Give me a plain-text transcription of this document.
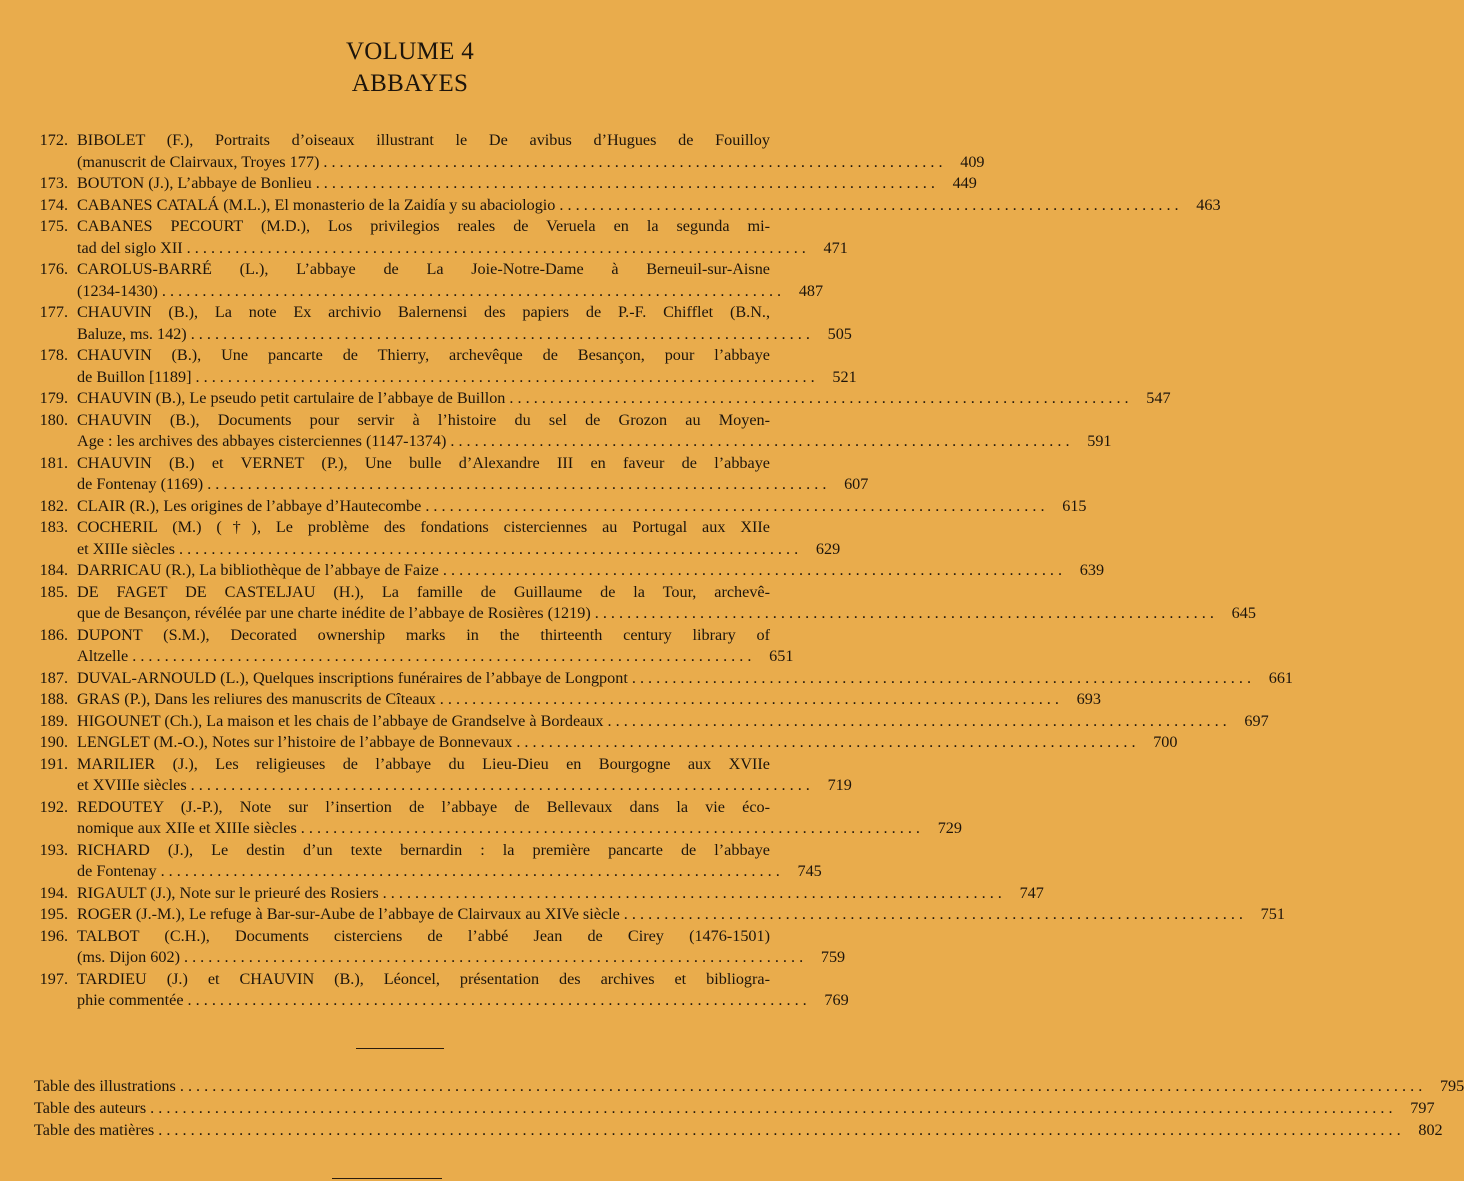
VOLUME 4
ABBAYES
172. BIBOLET (F.), Portraits d’oiseaux illustrant le De avibus d’Hugues de Fouilloy
(manuscrit de Clairvaux, Troyes 177) . . . . . . . . . . . . . . . . . . . . . . . . . . . . . . . . . . . . . . . . . . . . . . . . . . . . . . . . . . . . . . . . . . . . . . . . . . . . .	409
173. BOUTON (J.), L’abbaye de Bonlieu . . . . . . . . . . . . . . . . . . . . . . . . . . . . . . . . . . . . . . . . . . . . . . . . . . . . . . . . . . . . . . . . . . . . . . . . . . . . .	449
174. CABANES CATALÁ (M.L.), El monasterio de la Zaidía y su abaciologio . . . . . . . . . . . . . . . . . . . . . . . . . . . . . . . . . . . . . . . . . . . . . . . . . . . . . . . . . . . . . . . . . . . . . . . . . . . . .	463
175. CABANES PECOURT (M.D.), Los privilegios reales de Veruela en la segunda mi-
tad del siglo XII . . . . . . . . . . . . . . . . . . . . . . . . . . . . . . . . . . . . . . . . . . . . . . . . . . . . . . . . . . . . . . . . . . . . . . . . . . . . .	471
176. CAROLUS-BARRÉ (L.), L’abbaye de La Joie-Notre-Dame à Berneuil-sur-Aisne
(1234-1430) . . . . . . . . . . . . . . . . . . . . . . . . . . . . . . . . . . . . . . . . . . . . . . . . . . . . . . . . . . . . . . . . . . . . . . . . . . . . .	487
177. CHAUVIN (B.), La note Ex archivio Balernensi des papiers de P.-F. Chifflet (B.N.,
Baluze, ms. 142) . . . . . . . . . . . . . . . . . . . . . . . . . . . . . . . . . . . . . . . . . . . . . . . . . . . . . . . . . . . . . . . . . . . . . . . . . . . . .	505
178. CHAUVIN (B.), Une pancarte de Thierry, archevêque de Besançon, pour l’abbaye
de Buillon [1189] . . . . . . . . . . . . . . . . . . . . . . . . . . . . . . . . . . . . . . . . . . . . . . . . . . . . . . . . . . . . . . . . . . . . . . . . . . . . .	521
179. CHAUVIN (B.), Le pseudo petit cartulaire de l’abbaye de Buillon . . . . . . . . . . . . . . . . . . . . . . . . . . . . . . . . . . . . . . . . . . . . . . . . . . . . . . . . . . . . . . . . . . . . . . . . . . . . .	547
180. CHAUVIN (B.), Documents pour servir à l’histoire du sel de Grozon au Moyen-
Age : les archives des abbayes cisterciennes (1147-1374) . . . . . . . . . . . . . . . . . . . . . . . . . . . . . . . . . . . . . . . . . . . . . . . . . . . . . . . . . . . . . . . . . . . . . . . . . . . . .	591
181. CHAUVIN (B.) et VERNET (P.), Une bulle d’Alexandre III en faveur de l’abbaye
de Fontenay (1169) . . . . . . . . . . . . . . . . . . . . . . . . . . . . . . . . . . . . . . . . . . . . . . . . . . . . . . . . . . . . . . . . . . . . . . . . . . . . .	607
182. CLAIR (R.), Les origines de l’abbaye d’Hautecombe . . . . . . . . . . . . . . . . . . . . . . . . . . . . . . . . . . . . . . . . . . . . . . . . . . . . . . . . . . . . . . . . . . . . . . . . . . . . .	615
183. COCHERIL (M.) (†), Le problème des fondations cisterciennes au Portugal aux XIIe
et XIIIe siècles . . . . . . . . . . . . . . . . . . . . . . . . . . . . . . . . . . . . . . . . . . . . . . . . . . . . . . . . . . . . . . . . . . . . . . . . . . . . .	629
184. DARRICAU (R.), La bibliothèque de l’abbaye de Faize . . . . . . . . . . . . . . . . . . . . . . . . . . . . . . . . . . . . . . . . . . . . . . . . . . . . . . . . . . . . . . . . . . . . . . . . . . . . .	639
185. DE FAGET DE CASTELJAU (H.), La famille de Guillaume de la Tour, archevê-
que de Besançon, révélée par une charte inédite de l’abbaye de Rosières (1219) . . . . . . . . . . . . . . . . . . . . . . . . . . . . . . . . . . . . . . . . . . . . . . . . . . . . . . . . . . . . . . . . . . . . . . . . . . . . .	645
186. DUPONT (S.M.), Decorated ownership marks in the thirteenth century library of
Altzelle . . . . . . . . . . . . . . . . . . . . . . . . . . . . . . . . . . . . . . . . . . . . . . . . . . . . . . . . . . . . . . . . . . . . . . . . . . . . .	651
187. DUVAL-ARNOULD (L.), Quelques inscriptions funéraires de l’abbaye de Longpont . . . . . . . . . . . . . . . . . . . . . . . . . . . . . . . . . . . . . . . . . . . . . . . . . . . . . . . . . . . . . . . . . . . . . . . . . . . . .	661
188. GRAS (P.), Dans les reliures des manuscrits de Cîteaux . . . . . . . . . . . . . . . . . . . . . . . . . . . . . . . . . . . . . . . . . . . . . . . . . . . . . . . . . . . . . . . . . . . . . . . . . . . . .	693
189. HIGOUNET (Ch.), La maison et les chais de l’abbaye de Grandselve à Bordeaux . . . . . . . . . . . . . . . . . . . . . . . . . . . . . . . . . . . . . . . . . . . . . . . . . . . . . . . . . . . . . . . . . . . . . . . . . . . . .	697
190. LENGLET (M.-O.), Notes sur l’histoire de l’abbaye de Bonnevaux . . . . . . . . . . . . . . . . . . . . . . . . . . . . . . . . . . . . . . . . . . . . . . . . . . . . . . . . . . . . . . . . . . . . . . . . . . . . .	700
191. MARILIER (J.), Les religieuses de l’abbaye du Lieu-Dieu en Bourgogne aux XVIIe
et XVIIIe siècles . . . . . . . . . . . . . . . . . . . . . . . . . . . . . . . . . . . . . . . . . . . . . . . . . . . . . . . . . . . . . . . . . . . . . . . . . . . . .	719
192. REDOUTEY (J.-P.), Note sur l’insertion de l’abbaye de Bellevaux dans la vie éco-
nomique aux XIIe et XIIIe siècles . . . . . . . . . . . . . . . . . . . . . . . . . . . . . . . . . . . . . . . . . . . . . . . . . . . . . . . . . . . . . . . . . . . . . . . . . . . . .	729
193. RICHARD (J.), Le destin d’un texte bernardin : la première pancarte de l’abbaye
de Fontenay . . . . . . . . . . . . . . . . . . . . . . . . . . . . . . . . . . . . . . . . . . . . . . . . . . . . . . . . . . . . . . . . . . . . . . . . . . . . .	745
194. RIGAULT (J.), Note sur le prieuré des Rosiers . . . . . . . . . . . . . . . . . . . . . . . . . . . . . . . . . . . . . . . . . . . . . . . . . . . . . . . . . . . . . . . . . . . . . . . . . . . . .	747
195. ROGER (J.-M.), Le refuge à Bar-sur-Aube de l’abbaye de Clairvaux au XIVe siècle . . . . . . . . . . . . . . . . . . . . . . . . . . . . . . . . . . . . . . . . . . . . . . . . . . . . . . . . . . . . . . . . . . . . . . . . . . . . .	751
196. TALBOT (C.H.), Documents cisterciens de l’abbé Jean de Cirey (1476-1501)
(ms. Dijon 602) . . . . . . . . . . . . . . . . . . . . . . . . . . . . . . . . . . . . . . . . . . . . . . . . . . . . . . . . . . . . . . . . . . . . . . . . . . . . .	759
197. TARDIEU (J.) et CHAUVIN (B.), Léoncel, présentation des archives et bibliogra-
phie commentée . . . . . . . . . . . . . . . . . . . . . . . . . . . . . . . . . . . . . . . . . . . . . . . . . . . . . . . . . . . . . . . . . . . . . . . . . . . . .	769
Table des illustrations . . . . . . . . . . . . . . . . . . . . . . . . . . . . . . . . . . . . . . . . . . . . . . . . . . . . . . . . . . . . . . . . . . . . . . . . . . . . . . . . . . . . . . . . . . . . . . . . . . . . . . . . . . . . . . . . . . . . . . . . . . . . . . . . . . . . . . . . . . . . . . . . . . . . . . . . . .	795
Table des auteurs . . . . . . . . . . . . . . . . . . . . . . . . . . . . . . . . . . . . . . . . . . . . . . . . . . . . . . . . . . . . . . . . . . . . . . . . . . . . . . . . . . . . . . . . . . . . . . . . . . . . . . . . . . . . . . . . . . . . . . . . . . . . . . . . . . . . . . . . . . . . . . . . . . . . . . . . . .	797
Table des matières . . . . . . . . . . . . . . . . . . . . . . . . . . . . . . . . . . . . . . . . . . . . . . . . . . . . . . . . . . . . . . . . . . . . . . . . . . . . . . . . . . . . . . . . . . . . . . . . . . . . . . . . . . . . . . . . . . . . . . . . . . . . . . . . . . . . . . . . . . . . . . . . . . . . . . . . . .	802
